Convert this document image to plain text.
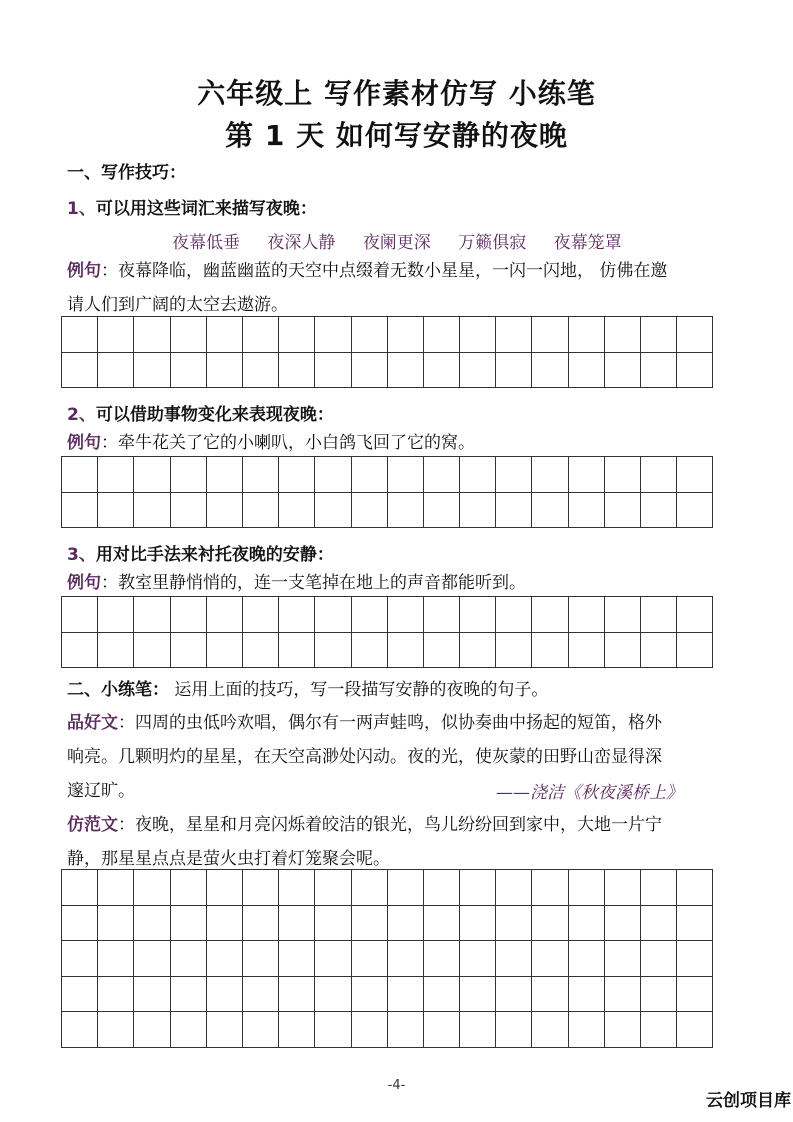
六年级上 写作素材仿写 小练笔
第 1 天 如何写安静的夜晚
一、写作技巧：
1、可以用这些词汇来描写夜晚：
夜幕低垂 夜深人静 夜阑更深 万籁俱寂 夜幕笼罩
例句：夜幕降临，幽蓝幽蓝的天空中点缀着无数小星星，一闪一闪地， 仿佛在邀
请人们到广阔的太空去遨游。

2、可以借助事物变化来表现夜晚：
例句：牵牛花关了它的小喇叭，小白鸽飞回了它的窝。

3、用对比手法来衬托夜晚的安静：
例句：教室里静悄悄的，连一支笔掉在地上的声音都能听到。

二、小练笔： 运用上面的技巧，写一段描写安静的夜晚的句子。
品好文：四周的虫低吟欢唱，偶尔有一两声蛙鸣，似协奏曲中扬起的短笛，格外
响亮。几颗明灼的星星，在天空高渺处闪动。夜的光，使灰蒙的田野山峦显得深
邃辽旷。	——浇洁《秋夜溪桥上》
仿范文：夜晚，星星和月亮闪烁着皎洁的银光，鸟儿纷纷回到家中，大地一片宁
静，那星星点点是萤火虫打着灯笼聚会呢。

-4-
云创项目库
